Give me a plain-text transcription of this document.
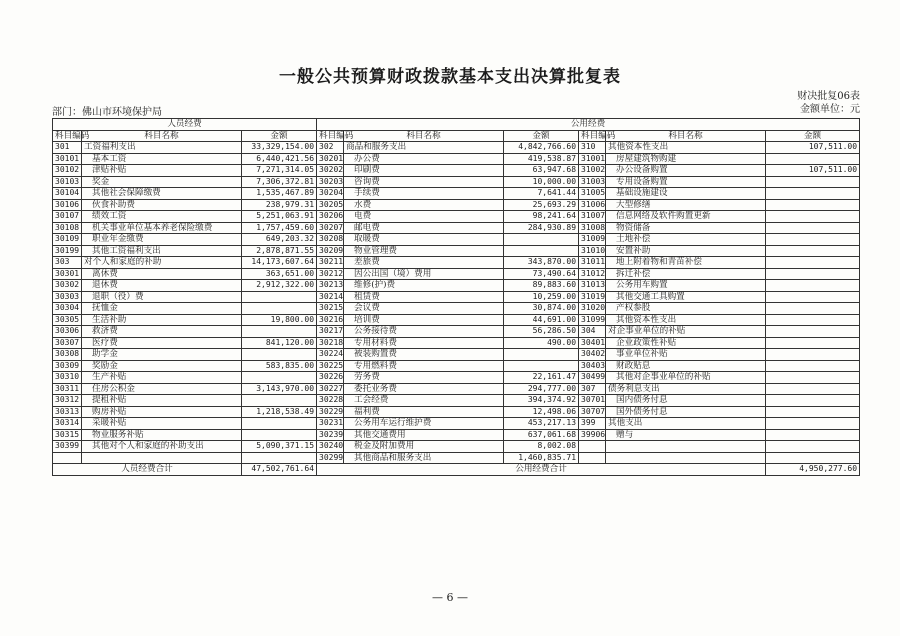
一般公共预算财政拨款基本支出决算批复表
财决批复06表
金额单位：元
部门：佛山市环境保护局
人员经费			公用经费					
科目编码	科目名称	金额	科目编码	科目名称	金额	科目编码	科目名称	金额
301	工资福利支出	33,329,154.00	302	商品和服务支出	4,842,766.60	310	其他资本性支出	107,511.00
30101	基本工资	6,440,421.56	30201	办公费	419,538.87	31001	房屋建筑物购建	
30102	津贴补贴	7,271,314.05	30202	印刷费	63,947.68	31002	办公设备购置	107,511.00
30103	奖金	7,306,372.81	30203	咨询费	10,000.00	31003	专用设备购置	
30104	其他社会保障缴费	1,535,467.89	30204	手续费	7,641.44	31005	基础设施建设	
30106	伙食补助费	238,979.31	30205	水费	25,693.29	31006	大型修缮	
30107	绩效工资	5,251,063.91	30206	电费	98,241.64	31007	信息网络及软件购置更新	
30108	机关事业单位基本养老保险缴费	1,757,459.60	30207	邮电费	284,930.89	31008	物资储备	
30109	职业年金缴费	649,203.32	30208	取暖费		31009	土地补偿	
30199	其他工资福利支出	2,878,871.55	30209	物业管理费		31010	安置补助	
303	对个人和家庭的补助	14,173,607.64	30211	差旅费	343,870.00	31011	地上附着物和青苗补偿	
30301	离休费	363,651.00	30212	因公出国（境）费用	73,490.64	31012	拆迁补偿	
30302	退休费	2,912,322.00	30213	维修(护)费	89,883.60	31013	公务用车购置	
30303	退职（役）费		30214	租赁费	10,259.00	31019	其他交通工具购置	
30304	抚恤金		30215	会议费	30,874.00	31020	产权参股	
30305	生活补助	19,800.00	30216	培训费	44,691.00	31099	其他资本性支出	
30306	救济费		30217	公务接待费	56,286.50	304	对企事业单位的补贴	
30307	医疗费	841,120.00	30218	专用材料费	490.00	30401	企业政策性补贴	
30308	助学金		30224	被装购置费		30402	事业单位补贴	
30309	奖励金	583,835.00	30225	专用燃料费		30403	财政贴息	
30310	生产补贴		30226	劳务费	22,161.47	30499	其他对企事业单位的补贴	
30311	住房公积金	3,143,970.00	30227	委托业务费	294,777.00	307	债务利息支出	
30312	提租补贴		30228	工会经费	394,374.92	30701	国内债务付息	
30313	购房补贴	1,218,538.49	30229	福利费	12,498.06	30707	国外债务付息	
30314	采暖补贴		30231	公务用车运行维护费	453,217.13	399	其他支出	
30315	物业服务补贴		30239	其他交通费用	637,061.68	39906	赠与	
30399	其他对个人和家庭的补助支出	5,090,371.15	30240	税金及附加费用	8,002.08			
			30299	其他商品和服务支出	1,460,835.71			
人员经费合计		47,502,761.64	公用经费合计					4,950,277.60
— 6 —
